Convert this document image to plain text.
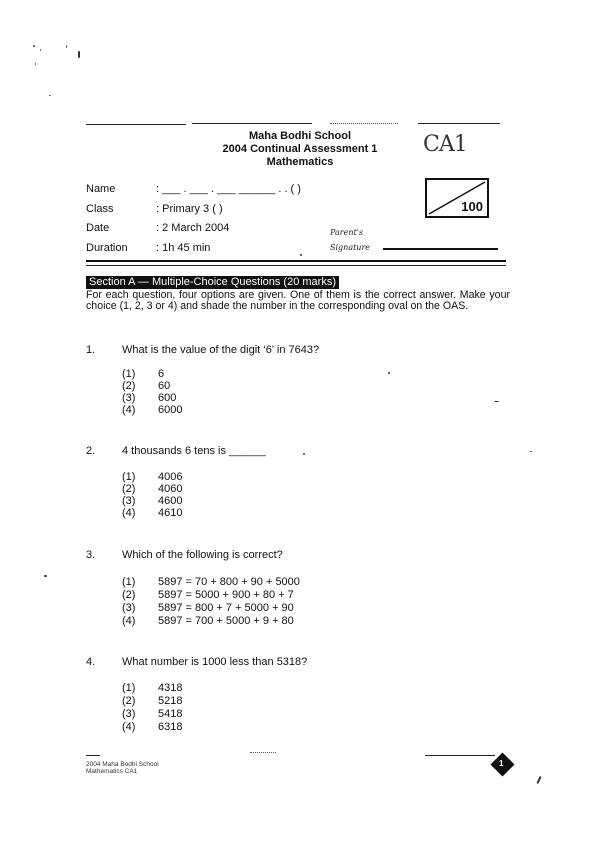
Maha Bodhi School
2004 Continual Assessment 1
Mathematics
CA1
Name	: ___ . ___ . ___ ______ . . ( )
Class	: Primary 3 ( )
Date	: 2 March 2004
Duration	: 1h 45 min
Parent's
Signature
100
Section A — Multiple-Choice Questions (20 marks)
For each question, four options are given. One of them is the correct answer. Make your choice (1, 2, 3 or 4) and shade the number in the corresponding oval on the OAS.
1. What is the value of the digit ‘6’ in 7643?
(1) 6
(2) 60
(3) 600
(4) 6000
2. 4 thousands 6 tens is ______
(1) 4006
(2) 4060
(3) 4600
(4) 4610
3. Which of the following is correct?
(1) 5897 = 70 + 800 + 90 + 5000
(2) 5897 = 5000 + 900 + 80 + 7
(3) 5897 = 800 + 7 + 5000 + 90
(4) 5897 = 700 + 5000 + 9 + 80
4. What number is 1000 less than 5318?
(1) 4318
(2) 5218
(3) 5418
(4) 6318
2004 Maha Bodhi School
Mathematics CA1
1
